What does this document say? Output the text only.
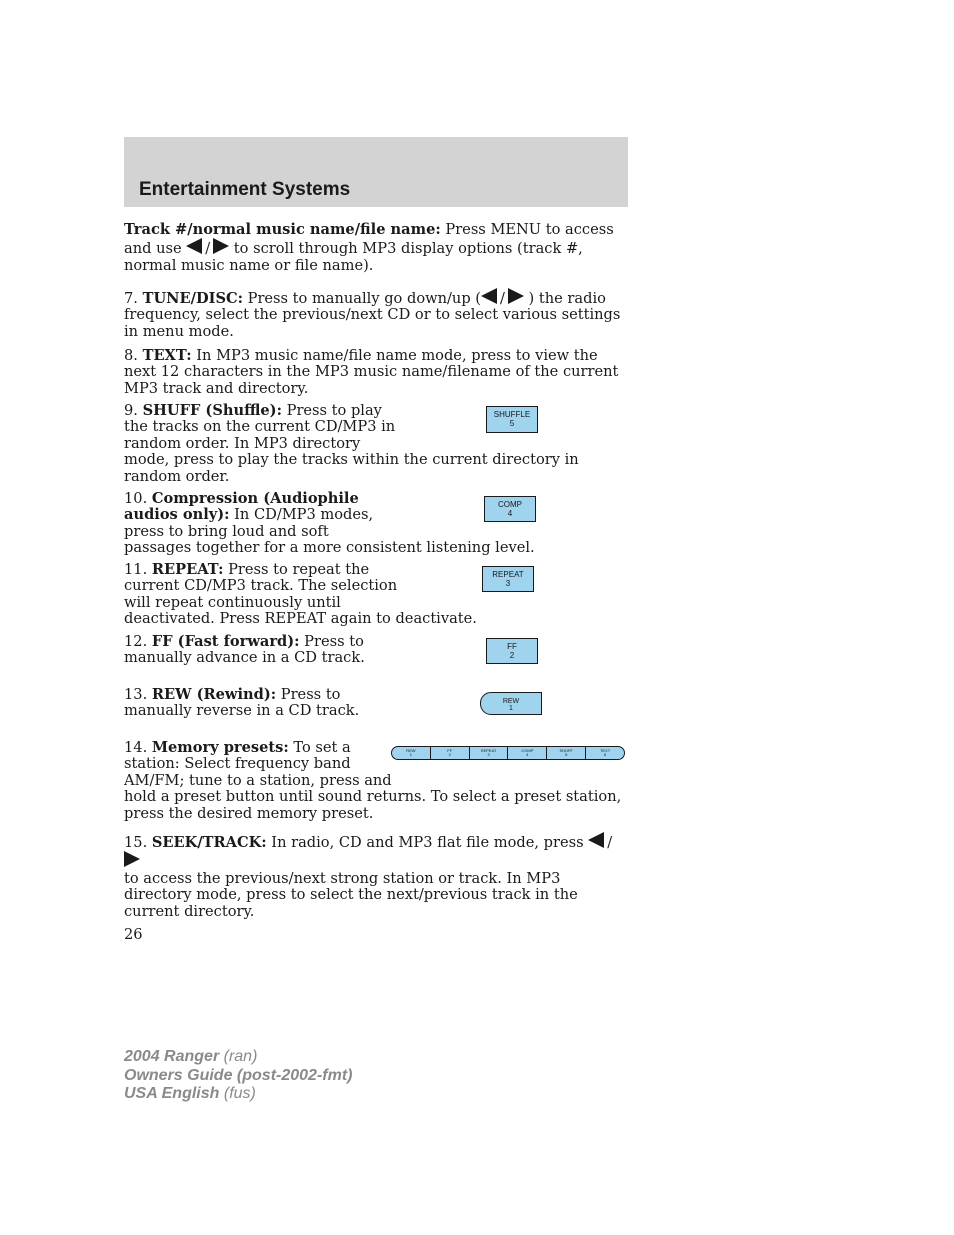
Entertainment Systems
Track #/normal music name/file name: Press MENU to access and use / to scroll through MP3 display options (track #, normal music name or file name).
7. TUNE/DISC: Press to manually go down/up ( / ) the radio frequency, select the previous/next CD or to select various settings in menu mode.
8. TEXT: In MP3 music name/file name mode, press to view the next 12 characters in the MP3 music name/filename of the current MP3 track and directory.
9. SHUFF (Shuffle): Press to play
the tracks on the current CD/MP3 in
random order. In MP3 directory
mode, press to play the tracks within the current directory in random order.
SHUFFLE
5
10. Compression (Audiophile
audios only): In CD/MP3 modes,
press to bring loud and soft
passages together for a more consistent listening level.
COMP
4
11. REPEAT: Press to repeat the
current CD/MP3 track. The selection
will repeat continuously until
deactivated. Press REPEAT again to deactivate.
REPEAT
3
12. FF (Fast forward): Press to
manually advance in a CD track.
FF
2
13. REW (Rewind): Press to
manually reverse in a CD track.
REW
1
14. Memory presets: To set a
station: Select frequency band
AM/FM; tune to a station, press and
hold a preset button until sound returns. To select a preset station, press the desired memory preset.
REW
1
FF
2
REPEAT
3
COMP
4
SHUFF
5
TEXT
6
15. SEEK/TRACK: In radio, CD and MP3 flat file mode, press /
to access the previous/next strong station or track. In MP3 directory mode, press to select the next/previous track in the current directory.
26
2004 Ranger (ran)
Owners Guide (post-2002-fmt)
USA English (fus)
